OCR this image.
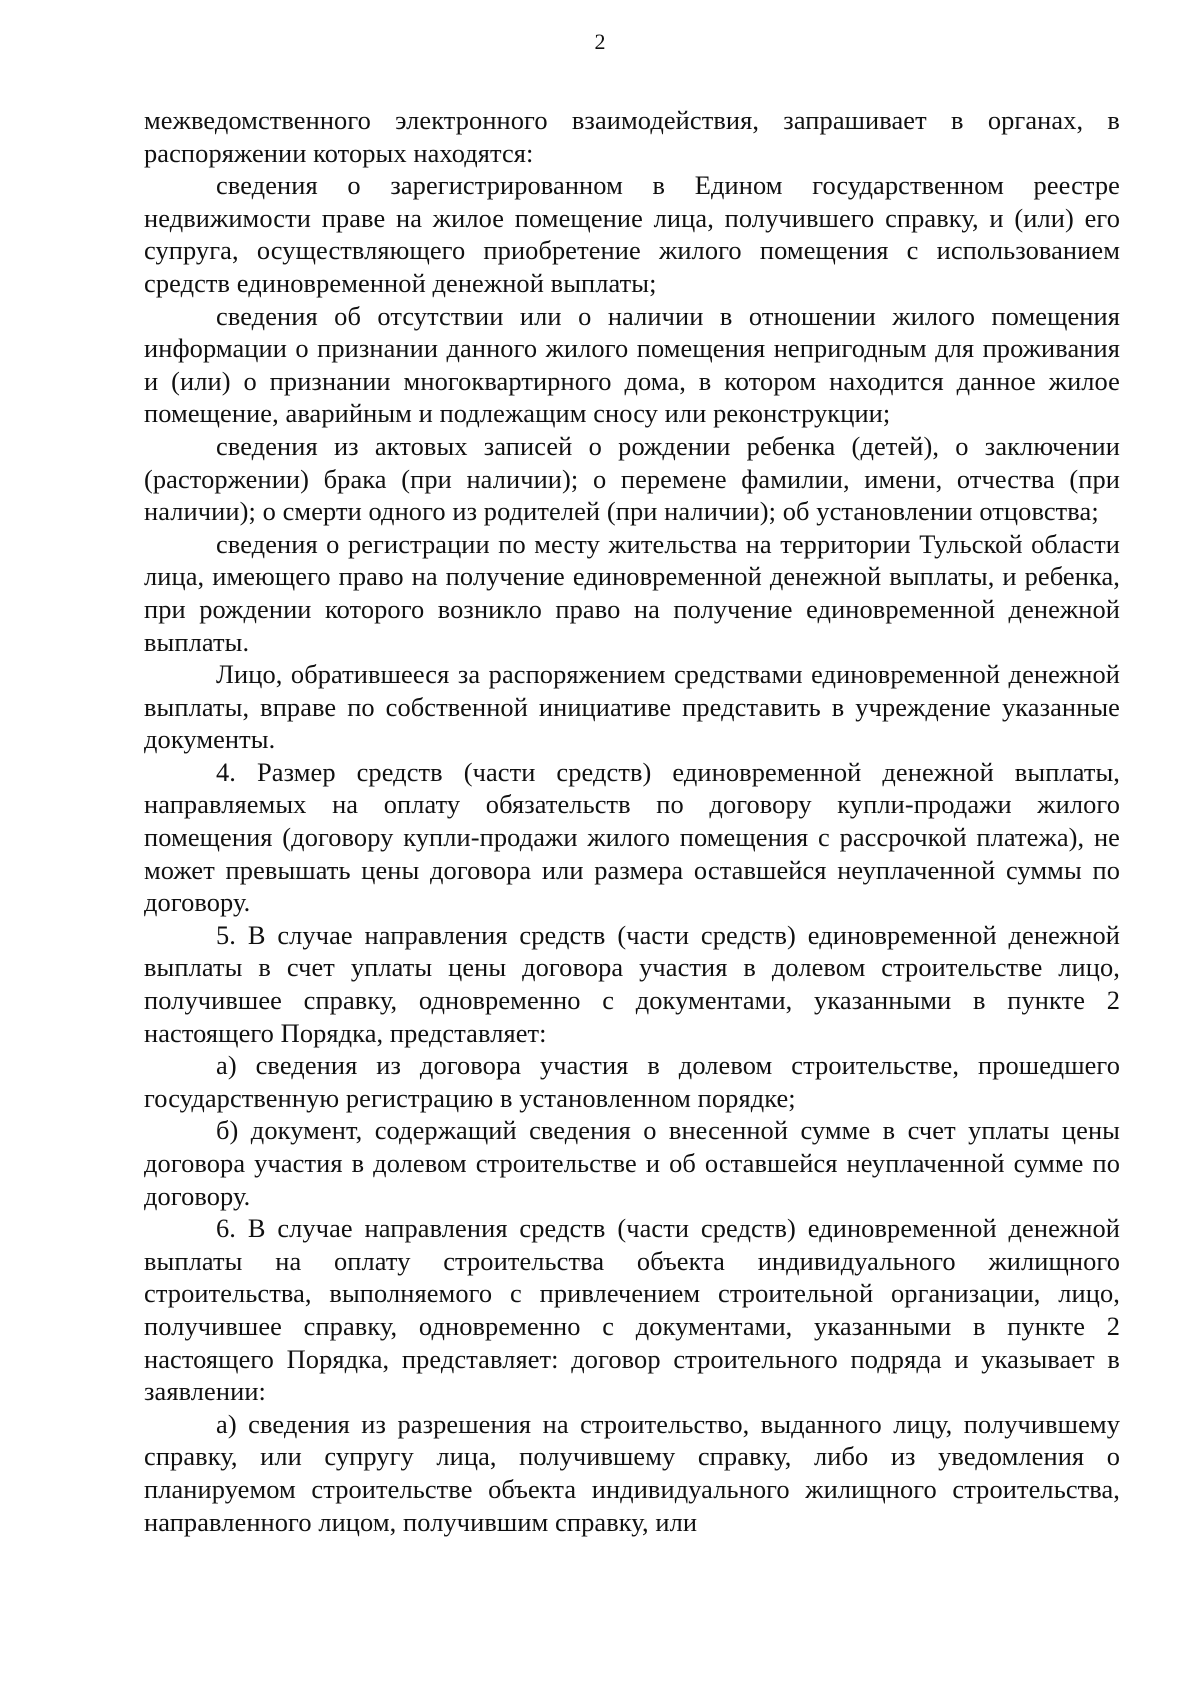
2

межведомственного электронного взаимодействия, запрашивает в органах, в распоряжении которых находятся:

сведения о зарегистрированном в Едином государственном реестре недвижимости праве на жилое помещение лица, получившего справку, и (или) его супруга, осуществляющего приобретение жилого помещения с использованием средств единовременной денежной выплаты;

сведения об отсутствии или о наличии в отношении жилого помещения информации о признании данного жилого помещения непригодным для проживания и (или) о признании многоквартирного дома, в котором находится данное жилое помещение, аварийным и подлежащим сносу или реконструкции;

сведения из актовых записей о рождении ребенка (детей), о заключении (расторжении) брака (при наличии); о перемене фамилии, имени, отчества (при наличии); о смерти одного из родителей (при наличии); об установлении отцовства;

сведения о регистрации по месту жительства на территории Тульской области лица, имеющего право на получение единовременной денежной выплаты, и ребенка, при рождении которого возникло право на получение единовременной денежной выплаты.

Лицо, обратившееся за распоряжением средствами единовременной денежной выплаты, вправе по собственной инициативе представить в учреждение указанные документы.

4. Размер средств (части средств) единовременной денежной выплаты, направляемых на оплату обязательств по договору купли-продажи жилого помещения (договору купли-продажи жилого помещения с рассрочкой платежа), не может превышать цены договора или размера оставшейся неуплаченной суммы по договору.

5. В случае направления средств (части средств) единовременной денежной выплаты в счет уплаты цены договора участия в долевом строительстве лицо, получившее справку, одновременно с документами, указанными в пункте 2 настоящего Порядка, представляет:

а) сведения из договора участия в долевом строительстве, прошедшего государственную регистрацию в установленном порядке;

б) документ, содержащий сведения о внесенной сумме в счет уплаты цены договора участия в долевом строительстве и об оставшейся неуплаченной сумме по договору.

6. В случае направления средств (части средств) единовременной денежной выплаты на оплату строительства объекта индивидуального жилищного строительства, выполняемого с привлечением строительной организации, лицо, получившее справку, одновременно с документами, указанными в пункте 2 настоящего Порядка, представляет: договор строительного подряда и указывает в заявлении:

а) сведения из разрешения на строительство, выданного лицу, получившему справку, или супругу лица, получившему справку, либо из уведомления о планируемом строительстве объекта индивидуального жилищного строительства, направленного лицом, получившим справку, или
